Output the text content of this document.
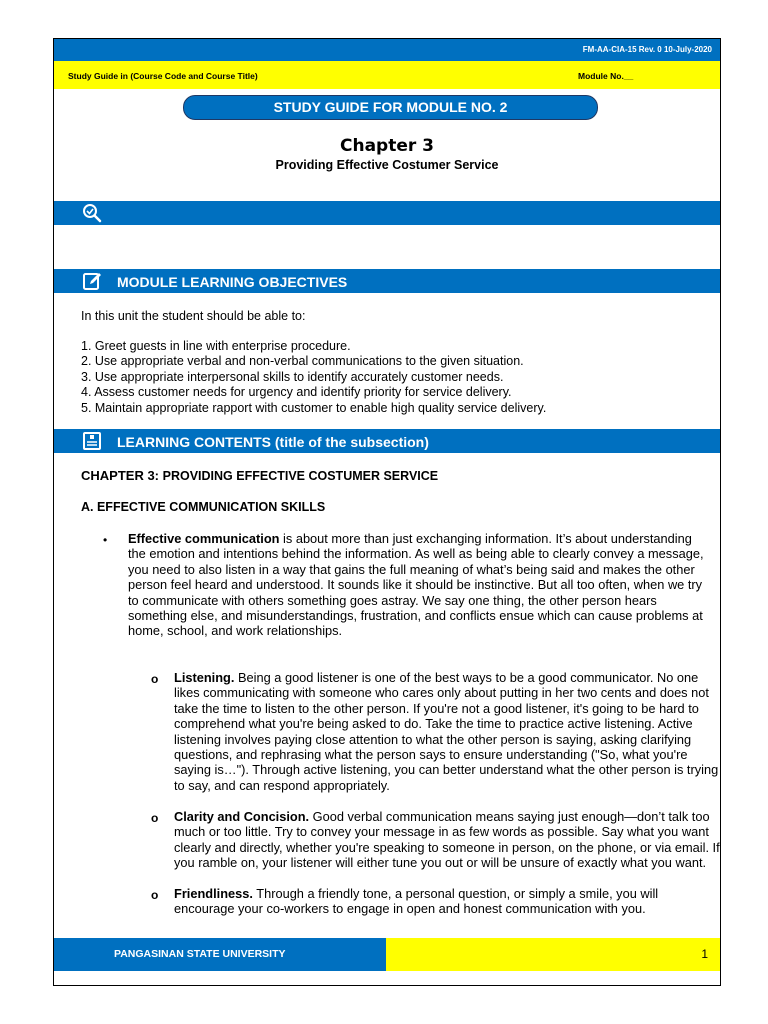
FM-AA-CIA-15 Rev. 0 10-July-2020
Study Guide in (Course Code and Course Title)	Module No.__
STUDY GUIDE FOR MODULE NO. 2
Chapter 3
Providing Effective Costumer Service
MODULE LEARNING OBJECTIVES
In this unit the student should be able to:
1. Greet guests in line with enterprise procedure.
2. Use appropriate verbal and non-verbal communications to the given situation.
3. Use appropriate interpersonal skills to identify accurately customer needs.
4. Assess customer needs for urgency and identify priority for service delivery.
5. Maintain appropriate rapport with customer to enable high quality service delivery.
LEARNING CONTENTS (title of the subsection)
CHAPTER 3: PROVIDING EFFECTIVE COSTUMER SERVICE
A. EFFECTIVE COMMUNICATION SKILLS
• Effective communication is about more than just exchanging information. It’s about understanding the emotion and intentions behind the information. As well as being able to clearly convey a message, you need to also listen in a way that gains the full meaning of what’s being said and makes the other person feel heard and understood. It sounds like it should be instinctive. But all too often, when we try to communicate with others something goes astray. We say one thing, the other person hears something else, and misunderstandings, frustration, and conflicts ensue which can cause problems at home, school, and work relationships.
o Listening. Being a good listener is one of the best ways to be a good communicator. No one likes communicating with someone who cares only about putting in her two cents and does not take the time to listen to the other person. If you're not a good listener, it's going to be hard to comprehend what you're being asked to do. Take the time to practice active listening. Active listening involves paying close attention to what the other person is saying, asking clarifying questions, and rephrasing what the person says to ensure understanding ("So, what you're saying is…"). Through active listening, you can better understand what the other person is trying to say, and can respond appropriately.
o Clarity and Concision. Good verbal communication means saying just enough—don’t talk too much or too little. Try to convey your message in as few words as possible. Say what you want clearly and directly, whether you're speaking to someone in person, on the phone, or via email. If you ramble on, your listener will either tune you out or will be unsure of exactly what you want.
o Friendliness. Through a friendly tone, a personal question, or simply a smile, you will encourage your co-workers to engage in open and honest communication with you.
PANGASINAN STATE UNIVERSITY	1
